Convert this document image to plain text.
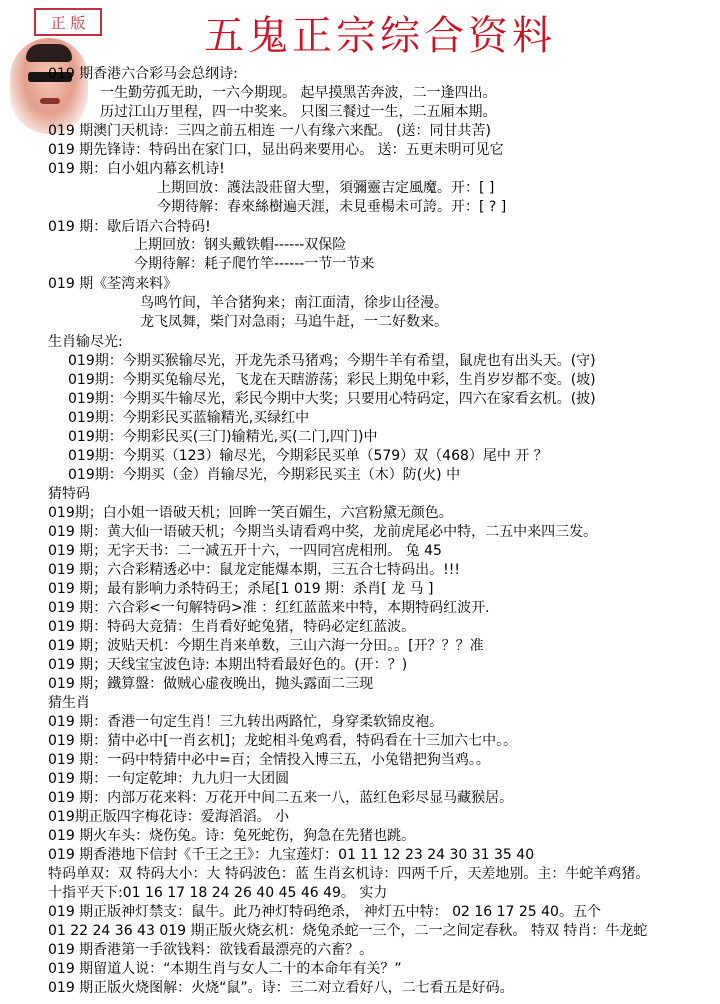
正 版	五鬼正宗综合资料
019 期香港六合彩马会总纲诗:
一生勤劳孤无助，一六今期现。 起早摸黑苦奔波，二一逢四出。
历过江山万里程，四一中奖来。 只图三餐过一生，二五厢本期。
019 期澳门天机诗：三四之前五相连 一八有缘六来配。 (送：同甘共苦)
019 期先锋诗：特码出在家门口，显出码来要用心。 送：五更未明可见它
019 期：白小姐内幕玄机诗!
上期回放：護法設莊留大聖，須彌靈吉定風魔。开：[ ]
今期待解：春來絲樹遍天涯，未見垂楊未可誇。开：[ ? ]
019 期：歇后语六合特码!
上期回放：钢头戴铁帽------双保险
今期待解：耗子爬竹竿------一节一节来
019 期《荃湾来料》
鸟鸣竹间，羊合猪狗来；南江面清，徐步山径漫。
龙飞凤舞，柴门对急雨；马追牛赶，一二好数来。
生肖输尽光:
019期：今期买猴输尽光，开龙先杀马猪鸡；今期牛羊有希望，鼠虎也有出头天。(守)
019期：今期买兔输尽光，飞龙在天瞎游荡；彩民上期兔中彩，生肖岁岁都不变。(坡)
019期：今期买牛输尽光，彩民今期中大奖；只要用心特码定，四六在家看玄机。(披)
019期：今期彩民买蓝输精光,买绿红中
019期：今期彩民买(三门)输精光,买(二门,四门)中
019期：今期买（123）输尽光，今期彩民买单（579）双（468）尾中 开 ？
019期：今期买（金）肖输尽光，今期彩民买主（木）防(火) 中
猜特码
019期；白小姐一语破天机；回眸一笑百媚生，六宫粉黛无颜色。
019 期：黄大仙一语破天机；今期当头请看鸡中奖，龙前虎尾必中特，二五中来四三发。
019 期；无字天书：二一减五开十六，一四同宫虎相刑。 兔 45
019 期；六合彩精透必中：鼠龙定能爆本期，三五合七特码出。!!!
019 期；最有影响力杀特码王；杀尾[1 019 期：杀肖[ 龙 马 ]
019 期：六合彩<一句解特码>准 ：红红蓝蓝来中特，本期特码红波开.
019 期：特码大竞猜：生肖看好蛇兔猪，特码必定红蓝波。
019 期；波贴天机：今期生肖来单数，三山六海一分田。。[开？？？准
019 期；天线宝宝波色诗: 本期出特看最好色的。(开：？)
019 期；鐵算盤：做贼心虚夜晚出，抛头露面二三现
猜生肖
019 期：香港一句定生肖！三九转出两路忙，身穿柔软锦皮袍。
019 期：猜中必中[一肖玄机]；龙蛇相斗兔鸡看，特码看在十三加六七中。。
019 期：一码中特猜中必中=百；全情投入博三五，小兔错把狗当鸡。。
019 期：一句定乾坤：九九归一大团圆
019 期：内部万花来料：万花开中间二五来一八，蓝红色彩尽显马藏猴居。
019期正版四字梅花诗：爱海滔滔。 小
019 期火车头：烧伤兔。诗：兔死蛇伤，狗急在先猪也跳。
019 期香港地下信封《千王之王》：九宝莲灯：01 11 12 23 24 30 31 35 40
特码单双：双 特码大小：大 特码波色：蓝 生肖玄机诗：四两千斤，天差地别。主：牛蛇羊鸡猪。
十指平天下:01 16 17 18 24 26 40 45 46 49。 实力
019 期正版神灯禁支：鼠牛。此乃神灯特码绝杀， 神灯五中特： 02 16 17 25 40。五个
01 22 24 36 43 019 期正版火烧玄机：烧兔杀蛇一三个，二一之间定春秋。 特双 特肖：牛龙蛇
019 期香港第一手欲钱料：欲钱看最漂亮的六畜？。
019 期留道人说：“本期生肖与女人二十的本命年有关？”
019 期正版火烧图解：火烧“鼠”。诗：三二对立看好八，二七看五是好码。
